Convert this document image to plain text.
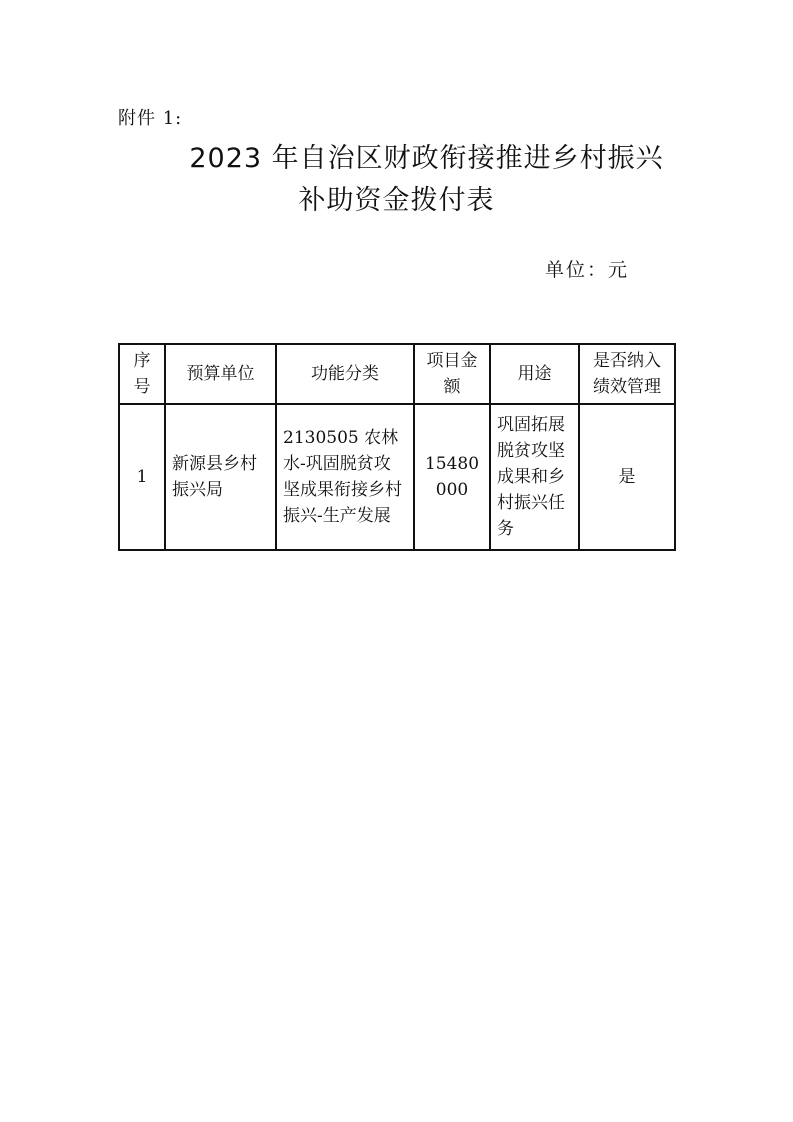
附件 1:
2023 年自治区财政衔接推进乡村振兴
补助资金拨付表
单位：元
序号	预算单位	功能分类	项目金额	用途	是否纳入绩效管理

1	新源县乡村振兴局	2130505 农林水-巩固脱贫攻坚成果衔接乡村振兴-生产发展	15480000	巩固拓展脱贫攻坚成果和乡村振兴任务	是
